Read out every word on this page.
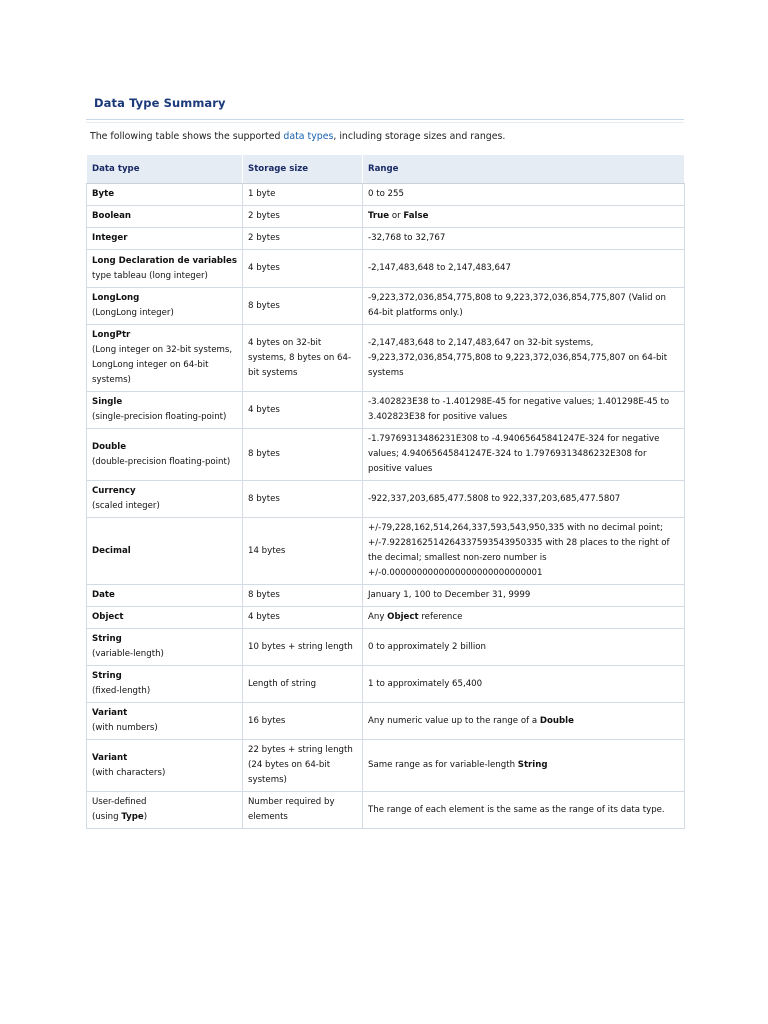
Data Type Summary
The following table shows the supported data types, including storage sizes and ranges.
Data type	Storage size	Range
Byte	1 byte	0 to 255
Boolean	2 bytes	True or False
Integer	2 bytes	-32,768 to 32,767
Long Declaration de variables
type tableau (long integer)	4 bytes	-2,147,483,648 to 2,147,483,647
LongLong
(LongLong integer)	8 bytes	-9,223,372,036,854,775,808 to 9,223,372,036,854,775,807 (Valid on 64-bit platforms only.)
LongPtr
(Long integer on 32-bit systems, LongLong integer on 64-bit systems)	4 bytes on 32-bit systems, 8 bytes on 64-bit systems	-2,147,483,648 to 2,147,483,647 on 32-bit systems, -9,223,372,036,854,775,808 to 9,223,372,036,854,775,807 on 64-bit systems
Single
(single-precision floating-point)	4 bytes	-3.402823E38 to -1.401298E-45 for negative values; 1.401298E-45 to 3.402823E38 for positive values
Double
(double-precision floating-point)	8 bytes	-1.79769313486231E308 to -4.94065645841247E-324 for negative values; 4.94065645841247E-324 to 1.79769313486232E308 for positive values
Currency
(scaled integer)	8 bytes	-922,337,203,685,477.5808 to 922,337,203,685,477.5807
Decimal	14 bytes	+/-79,228,162,514,264,337,593,543,950,335 with no decimal point; +/-7.9228162514264337593543950335 with 28 places to the right of the decimal; smallest non-zero number is +/-0.0000000000000000000000000001
Date	8 bytes	January 1, 100 to December 31, 9999
Object	4 bytes	Any Object reference
String
(variable-length)	10 bytes + string length	0 to approximately 2 billion
String
(fixed-length)	Length of string	1 to approximately 65,400
Variant
(with numbers)	16 bytes	Any numeric value up to the range of a Double
Variant
(with characters)	22 bytes + string length (24 bytes on 64-bit systems)	Same range as for variable-length String
User-defined
(using Type)	Number required by elements	The range of each element is the same as the range of its data type.
